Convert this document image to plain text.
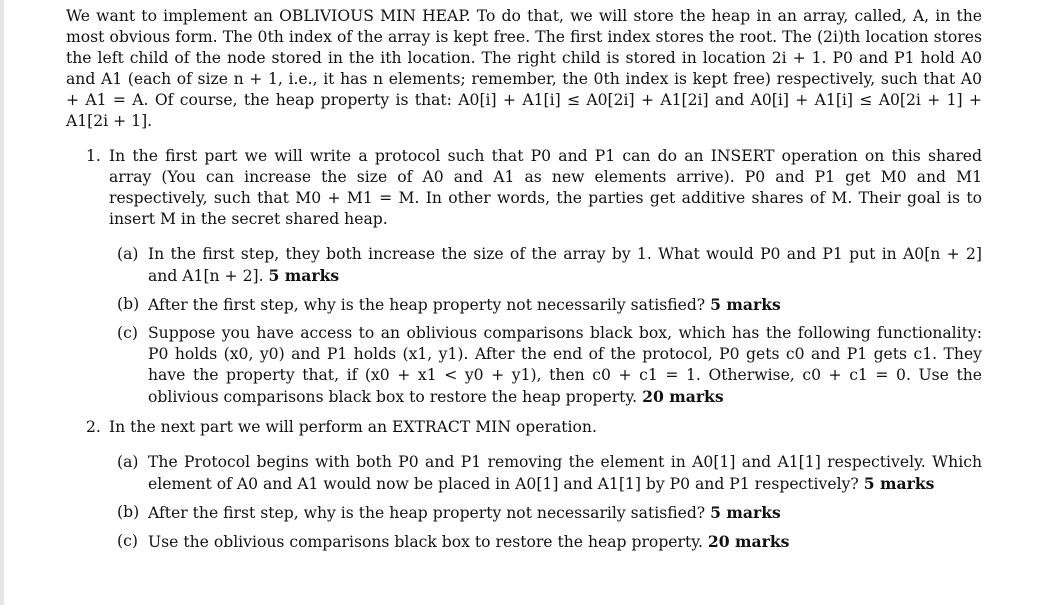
We want to implement an OBLIVIOUS MIN HEAP. To do that, we will store the heap in an array, called, A, in the most obvious form. The 0th index of the array is kept free. The first index stores the root. The (2i)th location stores the left child of the node stored in the ith location. The right child is stored in location 2i + 1. P0 and P1 hold A0 and A1 (each of size n + 1, i.e., it has n elements; remember, the 0th index is kept free) respectively, such that A0 + A1 = A. Of course, the heap property is that: A0[i] + A1[i] ≤ A0[2i] + A1[2i] and A0[i] + A1[i] ≤ A0[2i + 1] + A1[2i + 1].

1. In the first part we will write a protocol such that P0 and P1 can do an INSERT operation on this shared array (You can increase the size of A0 and A1 as new elements arrive). P0 and P1 get M0 and M1 respectively, such that M0 + M1 = M. In other words, the parties get additive shares of M. Their goal is to insert M in the secret shared heap.

(a) In the first step, they both increase the size of the array by 1. What would P0 and P1 put in A0[n + 2] and A1[n + 2]. 5 marks

(b) After the first step, why is the heap property not necessarily satisfied? 5 marks

(c) Suppose you have access to an oblivious comparisons black box, which has the following functionality: P0 holds (x0, y0) and P1 holds (x1, y1). After the end of the protocol, P0 gets c0 and P1 gets c1. They have the property that, if (x0 + x1 < y0 + y1), then c0 + c1 = 1. Otherwise, c0 + c1 = 0. Use the oblivious comparisons black box to restore the heap property. 20 marks

2. In the next part we will perform an EXTRACT MIN operation.

(a) The Protocol begins with both P0 and P1 removing the element in A0[1] and A1[1] respectively. Which element of A0 and A1 would now be placed in A0[1] and A1[1] by P0 and P1 respectively? 5 marks

(b) After the first step, why is the heap property not necessarily satisfied? 5 marks

(c) Use the oblivious comparisons black box to restore the heap property. 20 marks
